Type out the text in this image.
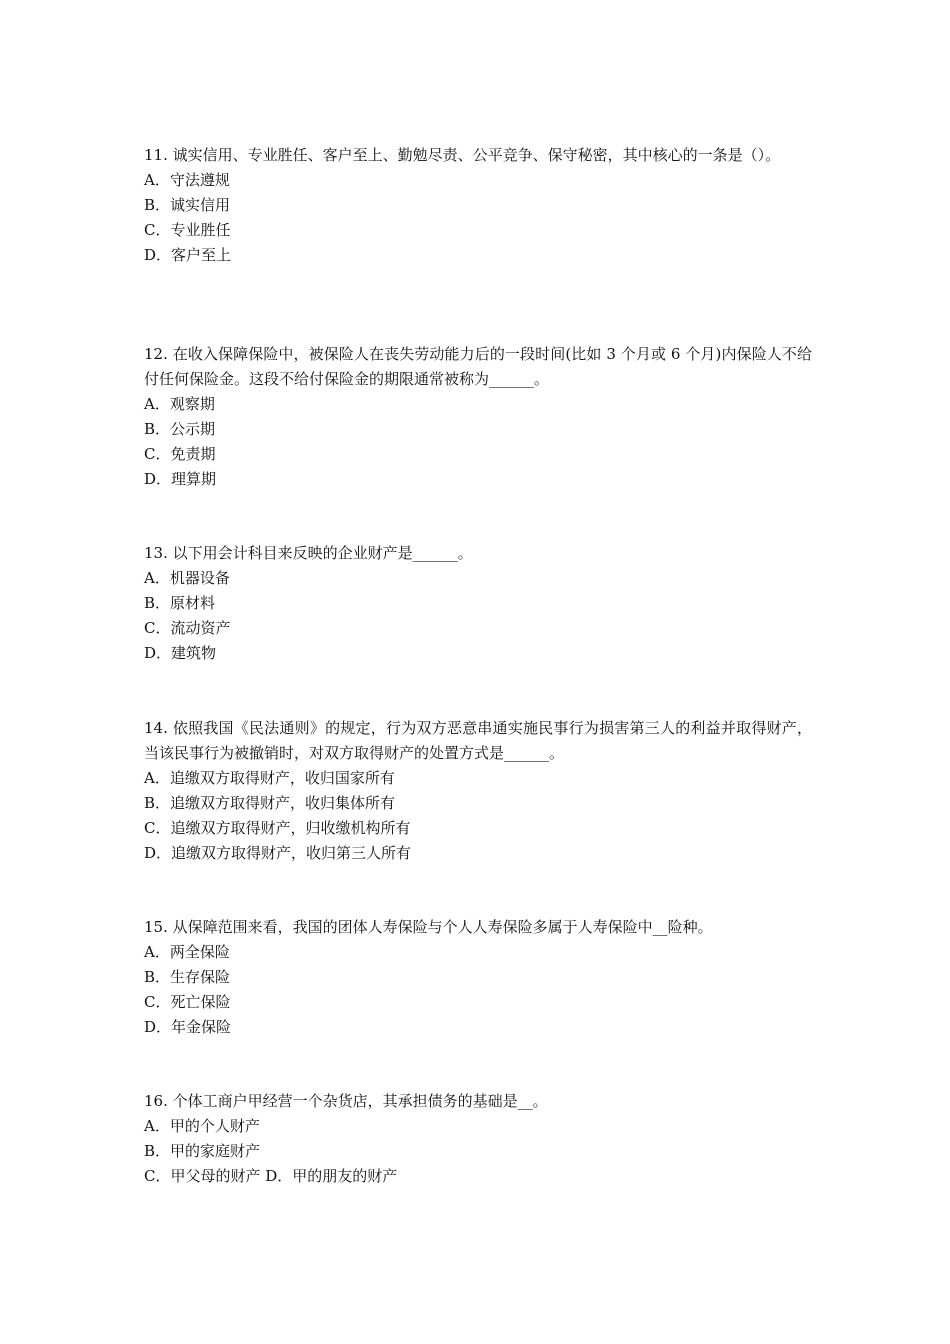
11. 诚实信用、专业胜任、客户至上、勤勉尽责、公平竞争、保守秘密，其中核心的一条是（）。

A．守法遵规

B．诚实信用

C．专业胜任

D．客户至上

12. 在收入保障保险中，被保险人在丧失劳动能力后的一段时间(比如 3 个月或 6 个月)内保险人不给付任何保险金。这段不给付保险金的期限通常被称为______。

A．观察期

B．公示期

C．免责期

D．理算期

13. 以下用会计科目来反映的企业财产是______。

A．机器设备

B．原材料

C．流动资产

D．建筑物

14. 依照我国《民法通则》的规定，行为双方恶意串通实施民事行为损害第三人的利益并取得财产，当该民事行为被撤销时，对双方取得财产的处置方式是______。

A．追缴双方取得财产，收归国家所有

B．追缴双方取得财产，收归集体所有

C．追缴双方取得财产，归收缴机构所有

D．追缴双方取得财产，收归第三人所有

15. 从保障范围来看，我国的团体人寿保险与个人人寿保险多属于人寿保险中__险种。

A．两全保险

B．生存保险

C．死亡保险

D．年金保险

16. 个体工商户甲经营一个杂货店，其承担债务的基础是__。

A．甲的个人财产

B．甲的家庭财产

C．甲父母的财产 D．甲的朋友的财产
